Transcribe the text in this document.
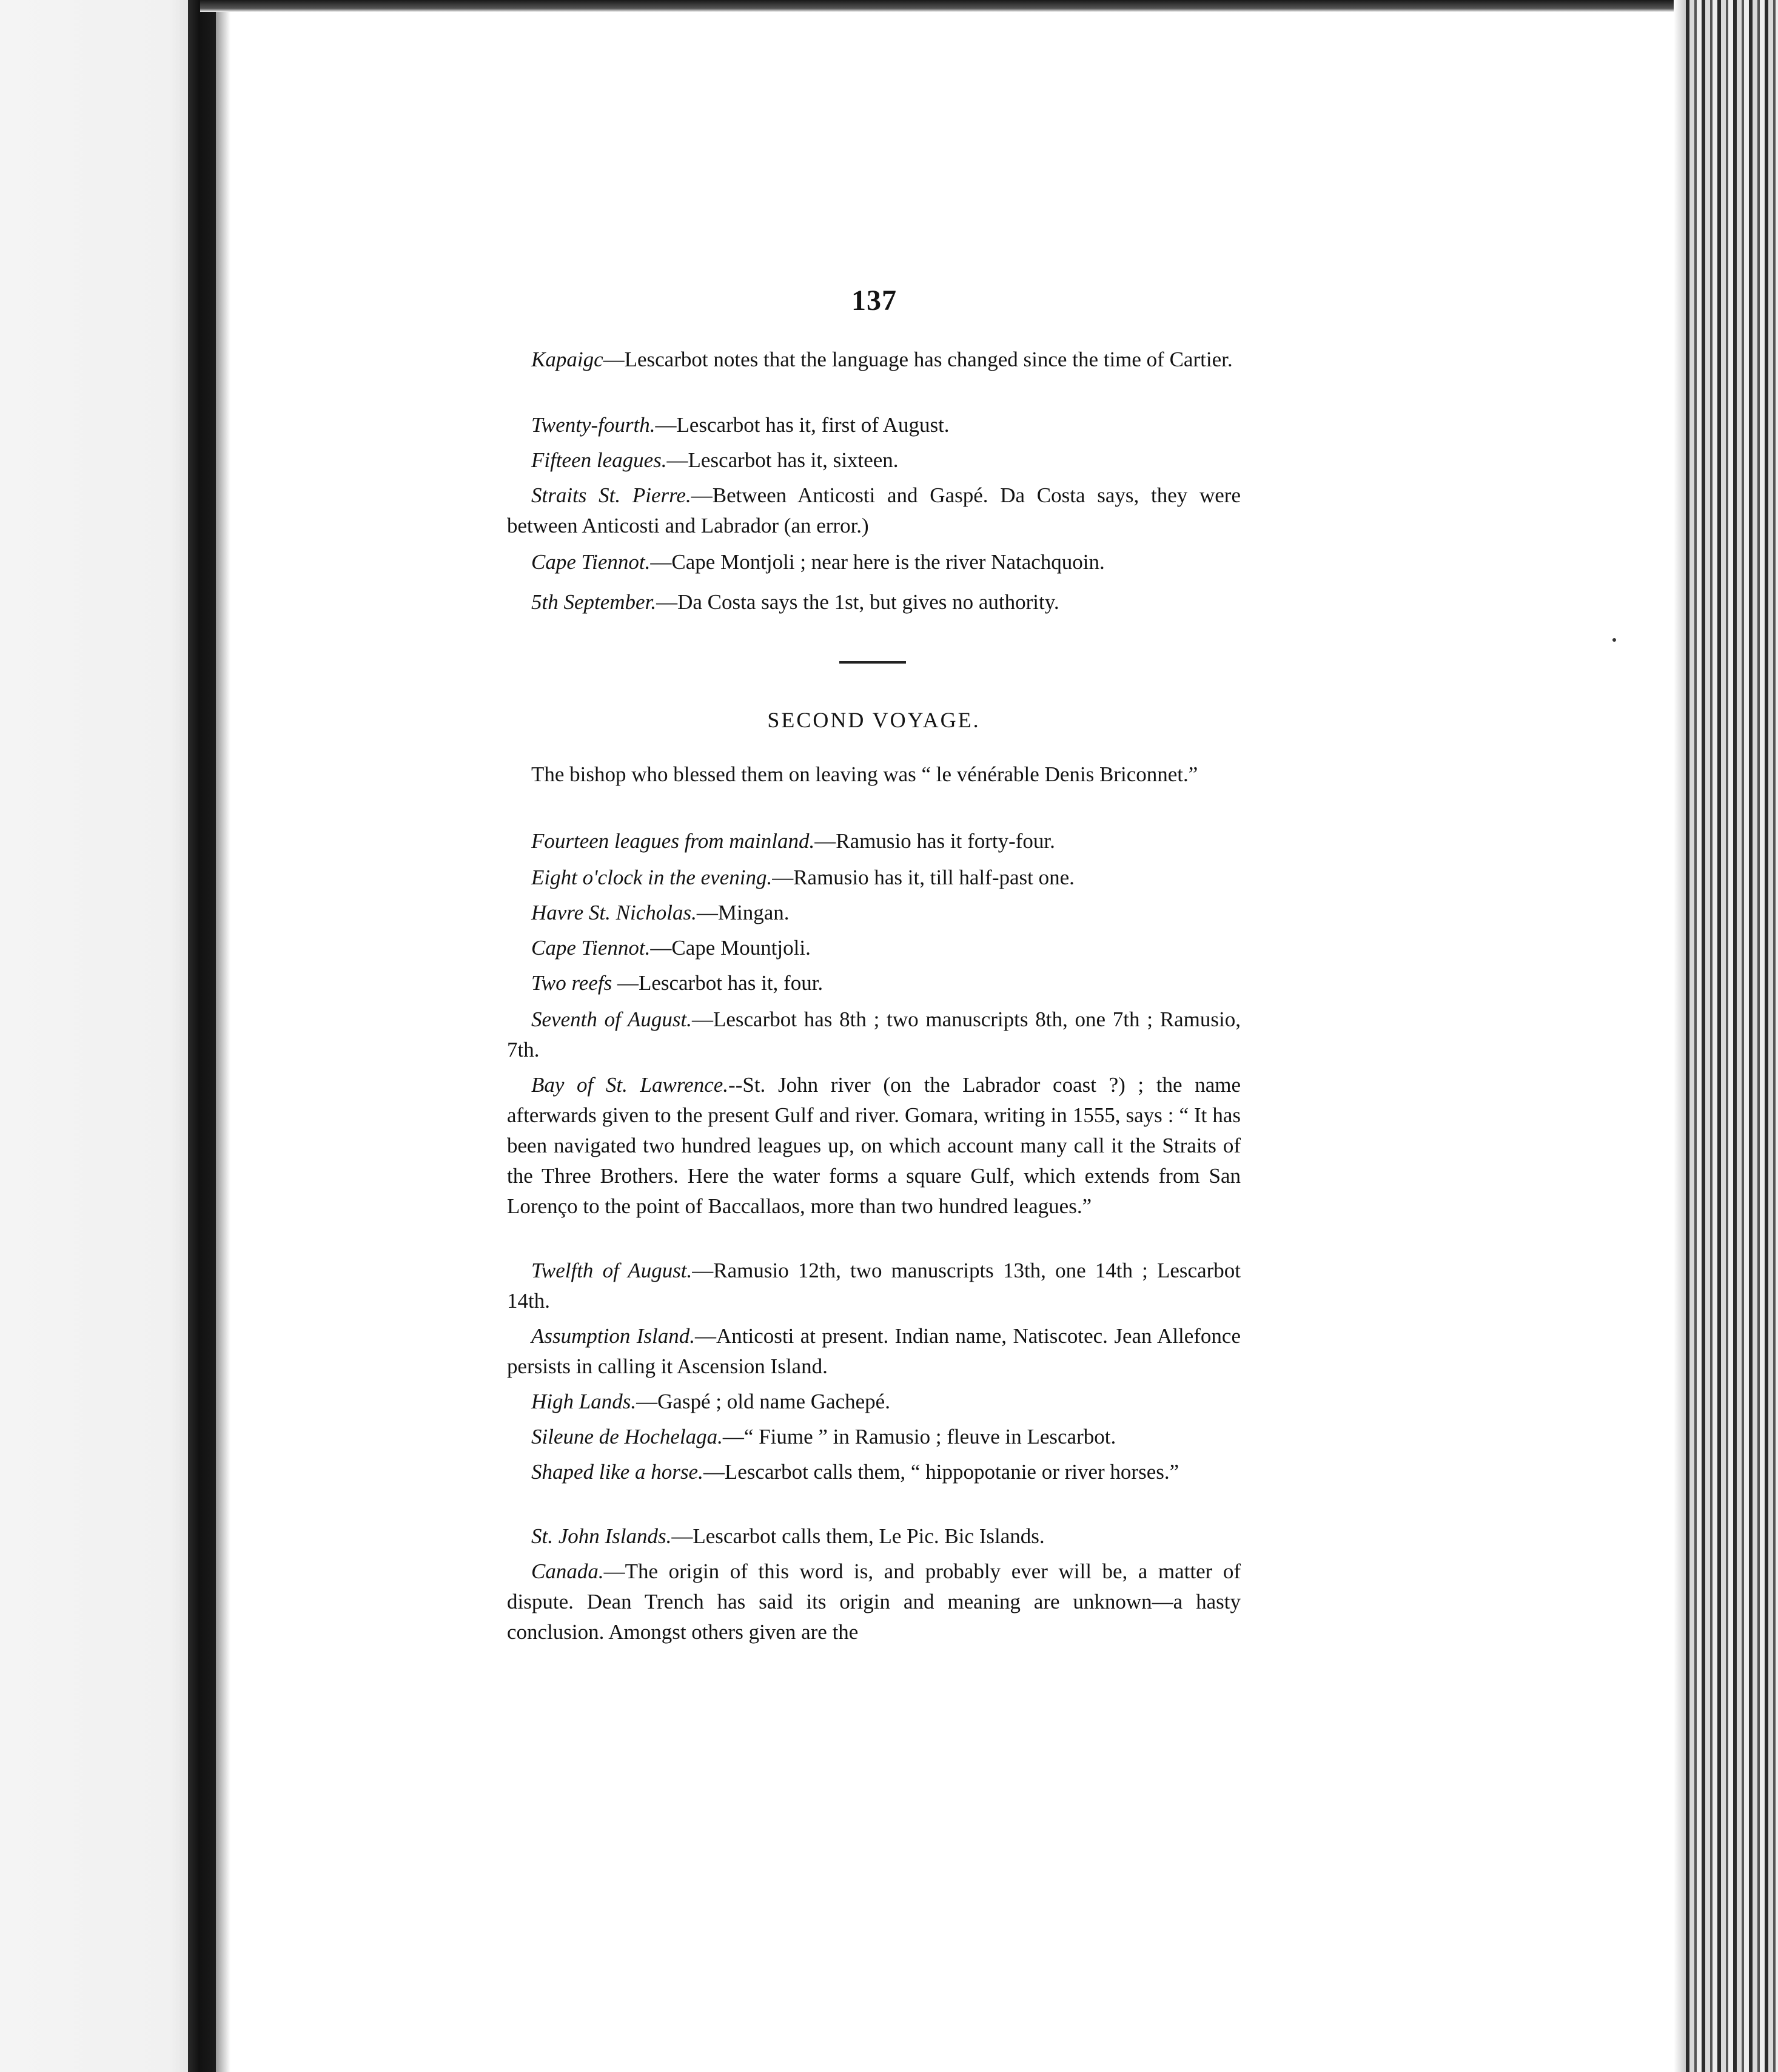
137

Kapaigc—Lescarbot notes that the language has changed since the time of Cartier.

Twenty-fourth.—Lescarbot has it, first of August.

Fifteen leagues.—Lescarbot has it, sixteen.

Straits St. Pierre.—Between Anticosti and Gaspé. Da Costa says, they were between Anticosti and Labrador (an error.)

Cape Tiennot.—Cape Montjoli ; near here is the river Natachquoin.

5th September.—Da Costa says the 1st, but gives no authority.

SECOND VOYAGE.

The bishop who blessed them on leaving was “ le vénérable Denis Briconnet.”

Fourteen leagues from mainland.—Ramusio has it forty-four.

Eight o'clock in the evening.—Ramusio has it, till half-past one.

Havre St. Nicholas.—Mingan.

Cape Tiennot.—Cape Mountjoli.

Two reefs —Lescarbot has it, four.

Seventh of August.—Lescarbot has 8th ; two manuscripts 8th, one 7th ; Ramusio, 7th.

Bay of St. Lawrence.--St. John river (on the Labrador coast ?) ; the name afterwards given to the present Gulf and river. Gomara, writing in 1555, says : “ It has been navigated two hundred leagues up, on which account many call it the Straits of the Three Brothers. Here the water forms a square Gulf, which extends from San Lorenço to the point of Baccallaos, more than two hundred leagues.”

Twelfth of August.—Ramusio 12th, two manuscripts 13th, one 14th ; Lescarbot 14th.

Assumption Island.—Anticosti at present. Indian name, Natiscotec. Jean Allefonce persists in calling it Ascension Island.

High Lands.—Gaspé ; old name Gachepé.

Sileune de Hochelaga.—“ Fiume ” in Ramusio ; fleuve in Lescarbot.

Shaped like a horse.—Lescarbot calls them, “ hippopotanie or river horses.”

St. John Islands.—Lescarbot calls them, Le Pic. Bic Islands.

Canada.—The origin of this word is, and probably ever will be, a matter of dispute. Dean Trench has said its origin and meaning are unknown—a hasty conclusion. Amongst others given are the
